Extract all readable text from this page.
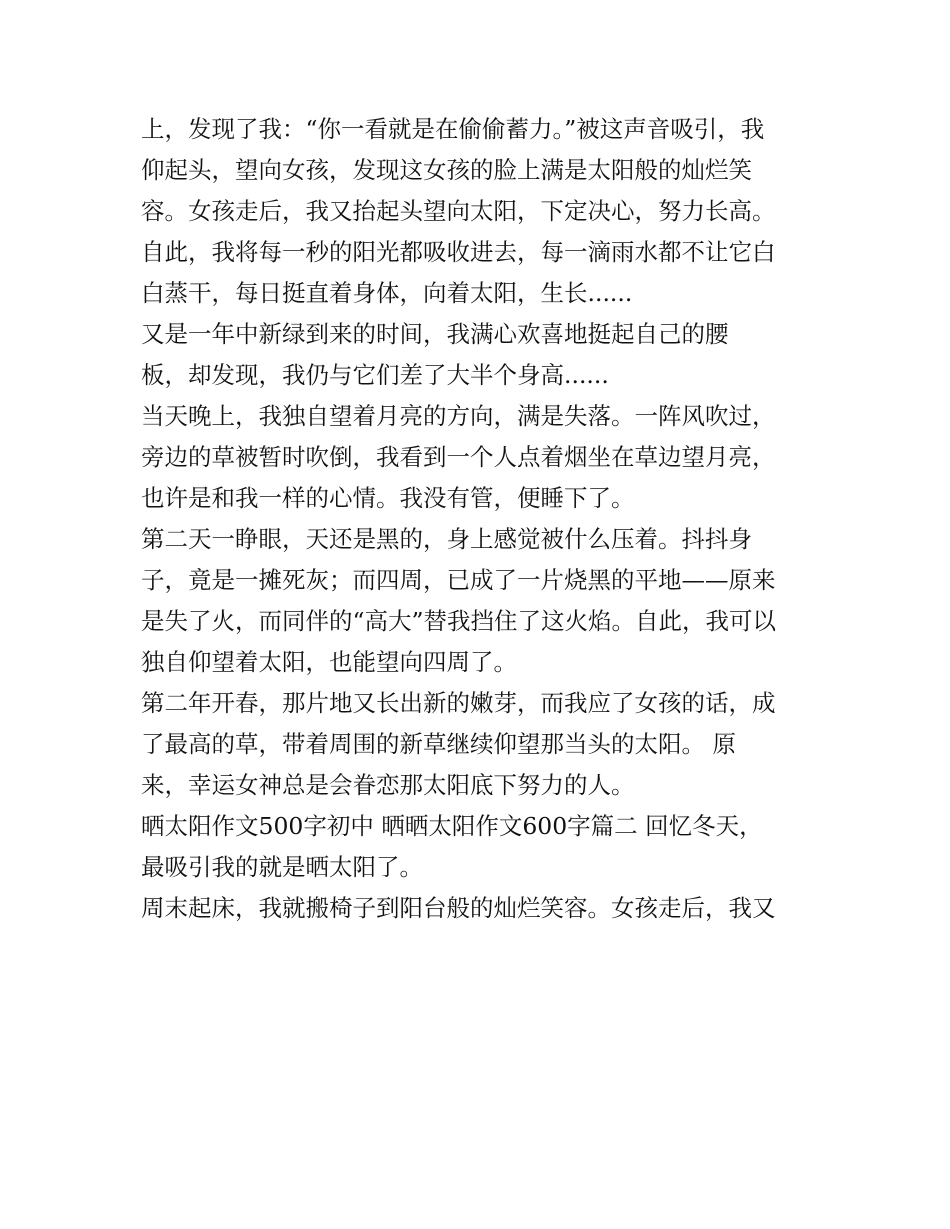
上，发现了我：“你一看就是在偷偷蓄力。”被这声音吸引，我
仰起头，望向女孩，发现这女孩的脸上满是太阳般的灿烂笑
容。女孩走后，我又抬起头望向太阳，下定决心，努力长高。
自此，我将每一秒的阳光都吸收进去，每一滴雨水都不让它白
白蒸干，每日挺直着身体，向着太阳，生长......
又是一年中新绿到来的时间，我满心欢喜地挺起自己的腰
板，却发现，我仍与它们差了大半个身高......
当天晚上，我独自望着月亮的方向，满是失落。一阵风吹过，
旁边的草被暂时吹倒，我看到一个人点着烟坐在草边望月亮，
也许是和我一样的心情。我没有管，便睡下了。
第二天一睁眼，天还是黑的，身上感觉被什么压着。抖抖身
子，竟是一摊死灰；而四周，已成了一片烧黑的平地——原来
是失了火，而同伴的“高大”替我挡住了这火焰。自此，我可以
独自仰望着太阳，也能望向四周了。
第二年开春，那片地又长出新的嫩芽，而我应了女孩的话，成
了最高的草，带着周围的新草继续仰望那当头的太阳。 原
来，幸运女神总是会眷恋那太阳底下努力的人。
晒太阳作文500字初中 晒晒太阳作文600字篇二 回忆冬天，
最吸引我的就是晒太阳了。
周末起床，我就搬椅子到阳台般的灿烂笑容。女孩走后，我又
